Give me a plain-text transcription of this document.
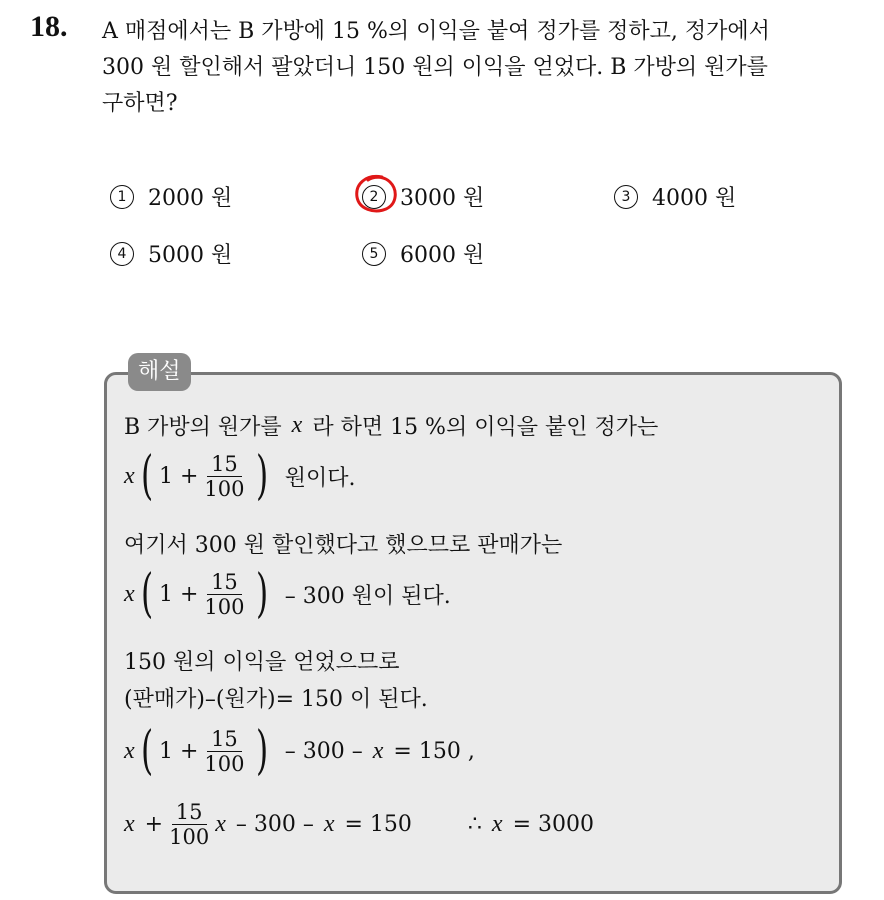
18. A 매점에서는 B 가방에 15 %의 이익을 붙여 정가를 정하고, 정가에서
300 원 할인해서 팔았더니 150 원의 이익을 얻었다. B 가방의 원가를
구하면?
1 2000 원	2 3000 원	3 4000 원
4 5000 원	5 6000 원
해설
B 가방의 원가를 x 라 하면 15 %의 이익을 붙인 정가는
x ( $1 + \frac{15}{100}$ ) 원이다.
여기서 300 원 할인했다고 했으므로 판매가는
x ( $1 + \frac{15}{100}$ ) – 300 원이 된다.
150 원의 이익을 얻었으므로
(판매가)–(원가)= 150 이 된다.
x ( $1 + \frac{15}{100}$ ) – 300 – x = 150 ,
$x + \frac{15}{100}$ x – 300 – x = 150	∴ x = 3000
